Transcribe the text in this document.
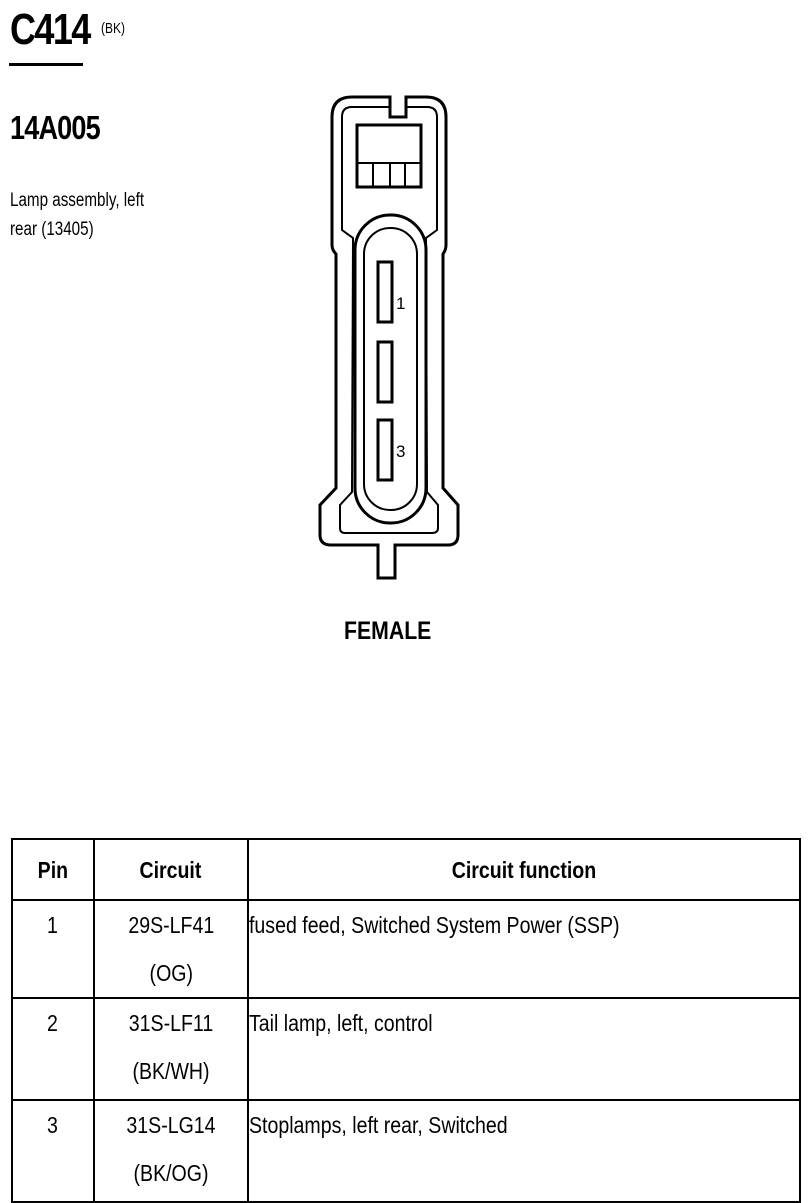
C414 (BK)
14A005
Lamp assembly, left rear (13405)
1
3
FEMALE
Pin	Circuit	Circuit function
1	29S-LF41 (OG)	fused feed, Switched System Power (SSP)
2	31S-LF11 (BK/WH)	Tail lamp, left, control
3	31S-LG14 (BK/OG)	Stoplamps, left rear, Switched
